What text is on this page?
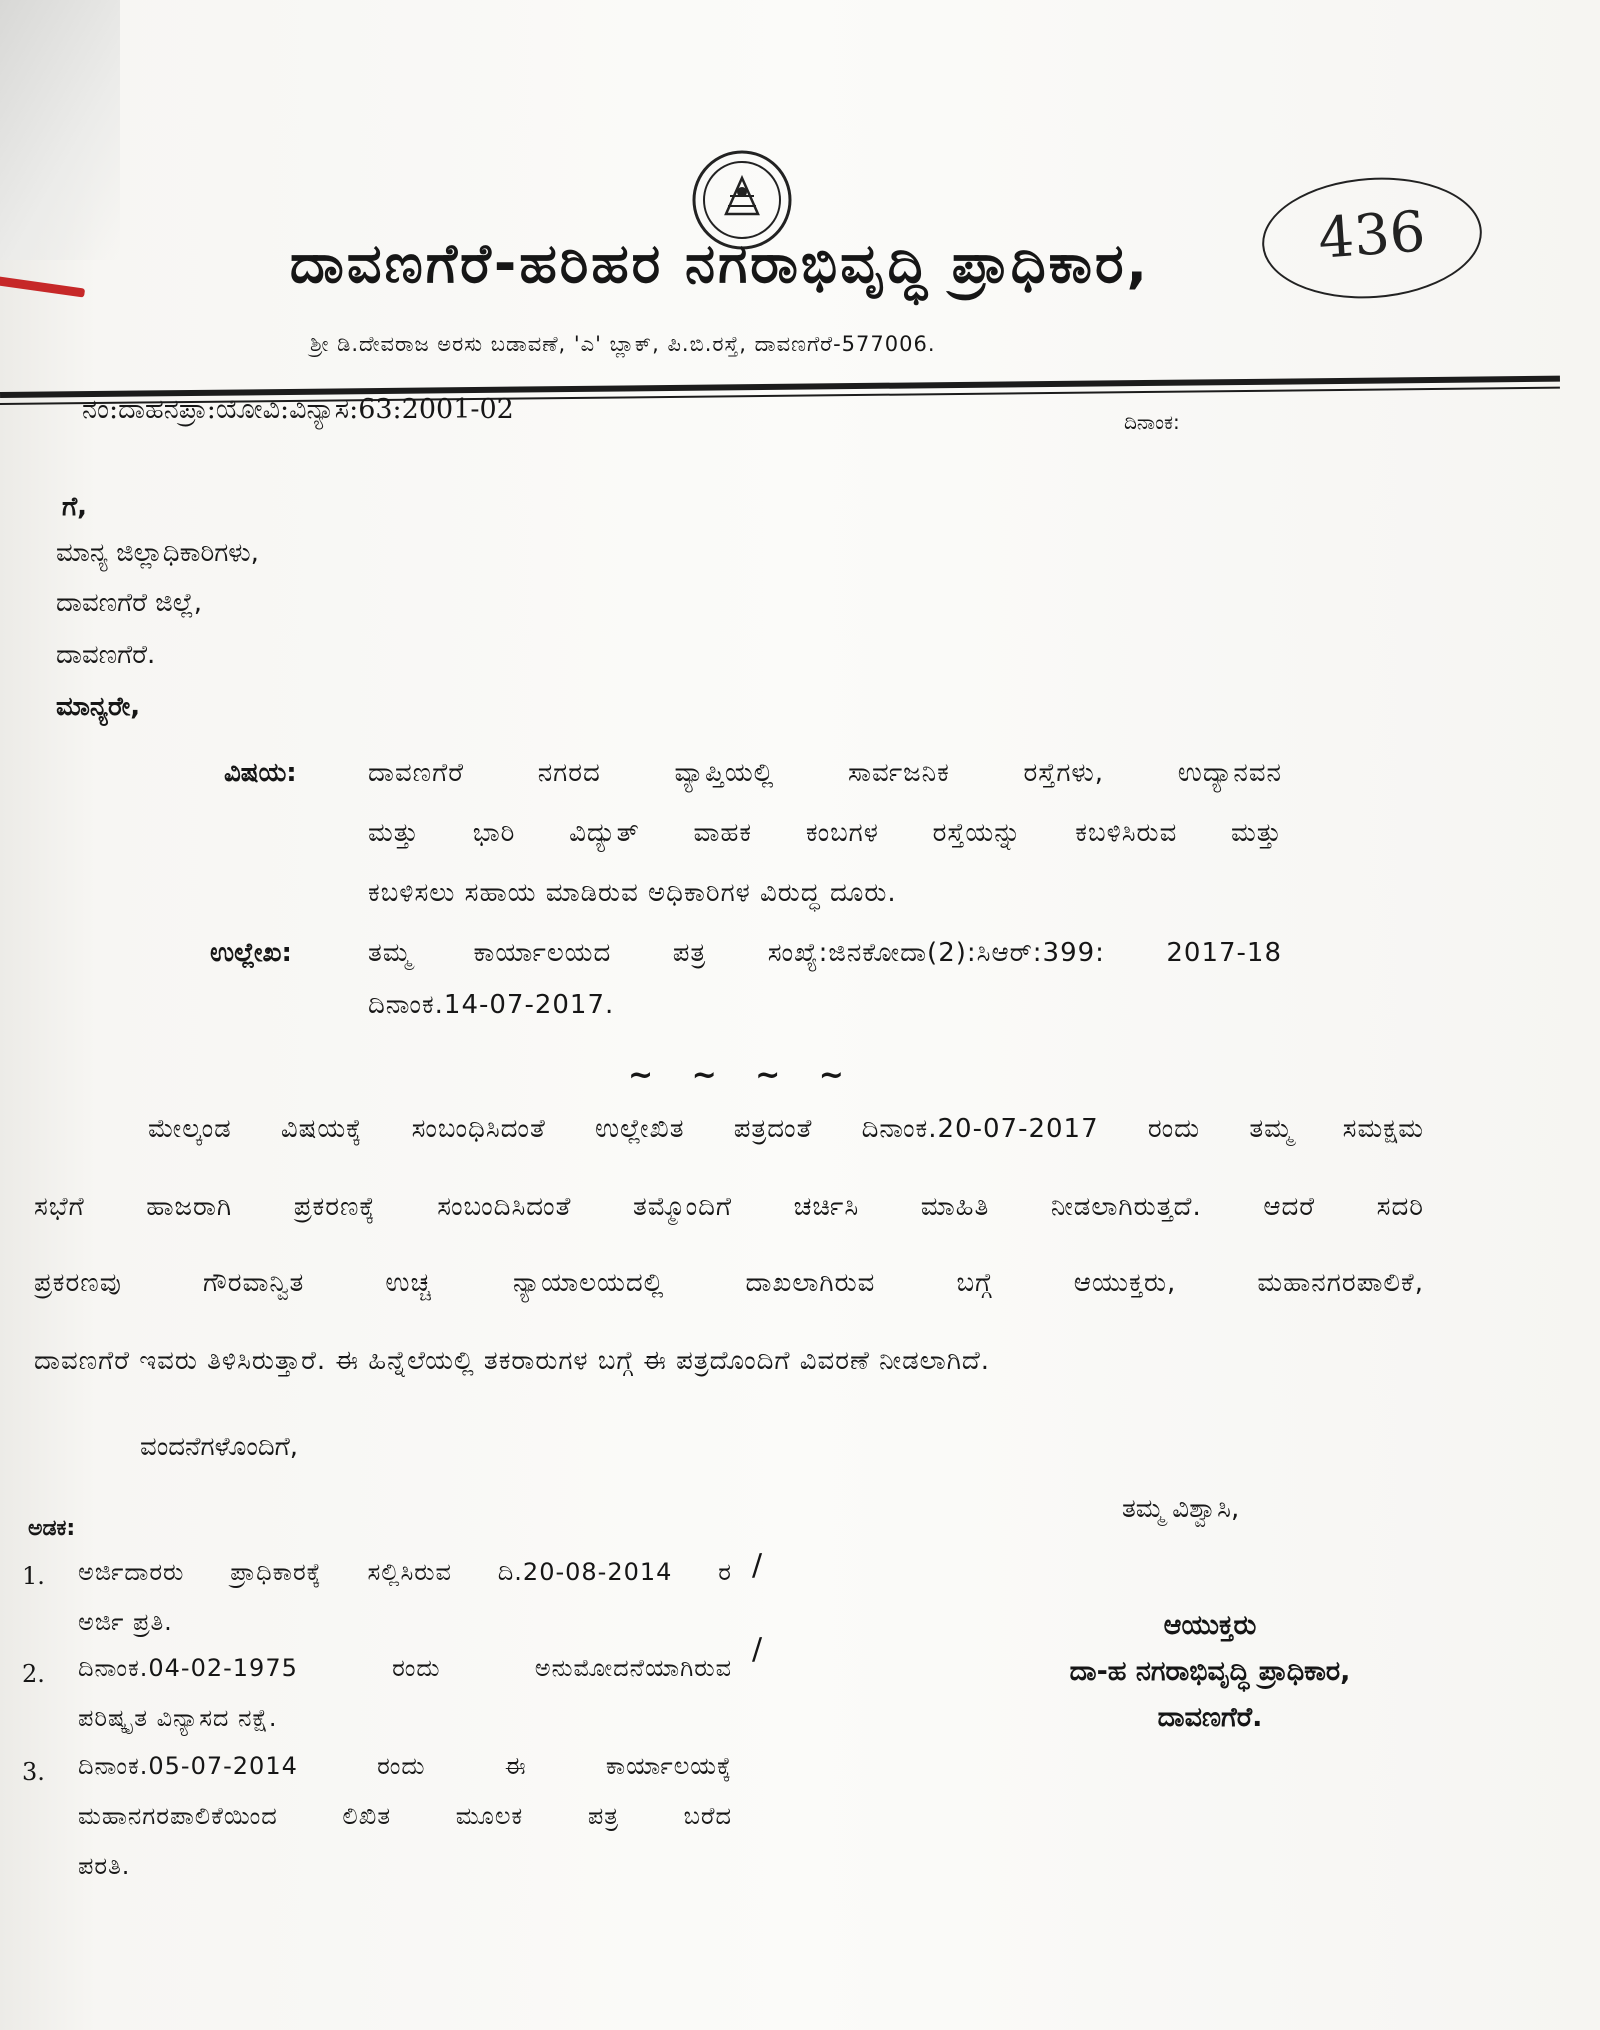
ದಾವಣಗೆರೆ-ಹರಿಹರ ನಗರಾಭಿವೃದ್ಧಿ ಪ್ರಾಧಿಕಾರ,
ಶ್ರೀ ಡಿ.ದೇವರಾಜ ಅರಸು ಬಡಾವಣೆ, 'ಎ' ಬ್ಲಾಕ್, ಪಿ.ಬಿ.ರಸ್ತೆ, ದಾವಣಗೆರೆ-577006.
436
ನಂ:ದಾಹನಪ್ರಾ:ಯೋವಿ:ವಿನ್ಯಾಸ:63:2001-02	ದಿನಾಂಕ:
ಗೆ,
ಮಾನ್ಯ ಜಿಲ್ಲಾಧಿಕಾರಿಗಳು,
ದಾವಣಗೆರೆ ಜಿಲ್ಲೆ,
ದಾವಣಗೆರೆ.
ಮಾನ್ಯರೇ,
ವಿಷಯ:	ದಾವಣಗೆರೆ ನಗರದ ವ್ಯಾಪ್ತಿಯಲ್ಲಿ ಸಾರ್ವಜನಿಕ ರಸ್ತೆಗಳು, ಉದ್ಯಾನವನ
ಮತ್ತು ಭಾರಿ ವಿದ್ಯುತ್ ವಾಹಕ ಕಂಬಗಳ ರಸ್ತೆಯನ್ನು ಕಬಳಿಸಿರುವ ಮತ್ತು
ಕಬಳಿಸಲು ಸಹಾಯ ಮಾಡಿರುವ ಅಧಿಕಾರಿಗಳ ವಿರುದ್ಧ ದೂರು.
ಉಲ್ಲೇಖ:	ತಮ್ಮ ಕಾರ್ಯಾಲಯದ ಪತ್ರ ಸಂಖ್ಯೆ:ಜಿನಕೋದಾ(2):ಸಿಆರ್:399: 2017-18
ದಿನಾಂಕ.14-07-2017.
~ ~ ~ ~
ಮೇಲ್ಕಂಡ ವಿಷಯಕ್ಕೆ ಸಂಬಂಧಿಸಿದಂತೆ ಉಲ್ಲೇಖಿತ ಪತ್ರದಂತೆ ದಿನಾಂಕ.20-07-2017 ರಂದು ತಮ್ಮ ಸಮಕ್ಷಮ
ಸಭೆಗೆ ಹಾಜರಾಗಿ ಪ್ರಕರಣಕ್ಕೆ ಸಂಬಂದಿಸಿದಂತೆ ತಮ್ಮೊಂದಿಗೆ ಚರ್ಚಿಸಿ ಮಾಹಿತಿ ನೀಡಲಾಗಿರುತ್ತದೆ. ಆದರೆ ಸದರಿ
ಪ್ರಕರಣವು ಗೌರವಾನ್ವಿತ ಉಚ್ಚ ನ್ಯಾಯಾಲಯದಲ್ಲಿ ದಾಖಲಾಗಿರುವ ಬಗ್ಗೆ ಆಯುಕ್ತರು, ಮಹಾನಗರಪಾಲಿಕೆ,
ದಾವಣಗೆರೆ ಇವರು ತಿಳಿಸಿರುತ್ತಾರೆ. ಈ ಹಿನ್ನೆಲೆಯಲ್ಲಿ ತಕರಾರುಗಳ ಬಗ್ಗೆ ಈ ಪತ್ರದೊಂದಿಗೆ ವಿವರಣೆ ನೀಡಲಾಗಿದೆ.
ವಂದನೆಗಳೊಂದಿಗೆ,
ತಮ್ಮ ವಿಶ್ವಾಸಿ,
ಅಡಕ:
1. ಅರ್ಜಿದಾರರು ಪ್ರಾಧಿಕಾರಕ್ಕೆ ಸಲ್ಲಿಸಿರುವ ದಿ.20-08-2014 ರ
ಅರ್ಜಿ ಪ್ರತಿ.
∕
2. ದಿನಾಂಕ.04-02-1975 ರಂದು ಅನುಮೋದನೆಯಾಗಿರುವ
ಪರಿಷ್ಕೃತ ವಿನ್ಯಾಸದ ನಕ್ಷೆ.
∕
3. ದಿನಾಂಕ.05-07-2014 ರಂದು ಈ ಕಾರ್ಯಾಲಯಕ್ಕೆ
ಮಹಾನಗರಪಾಲಿಕೆಯಿಂದ ಲಿಖಿತ ಮೂಲಕ ಪತ್ರ ಬರೆದ
ಪರತಿ.
ಆಯುಕ್ತರು
ದಾ-ಹ ನಗರಾಭಿವೃದ್ಧಿ ಪ್ರಾಧಿಕಾರ,
ದಾವಣಗೆರೆ.
